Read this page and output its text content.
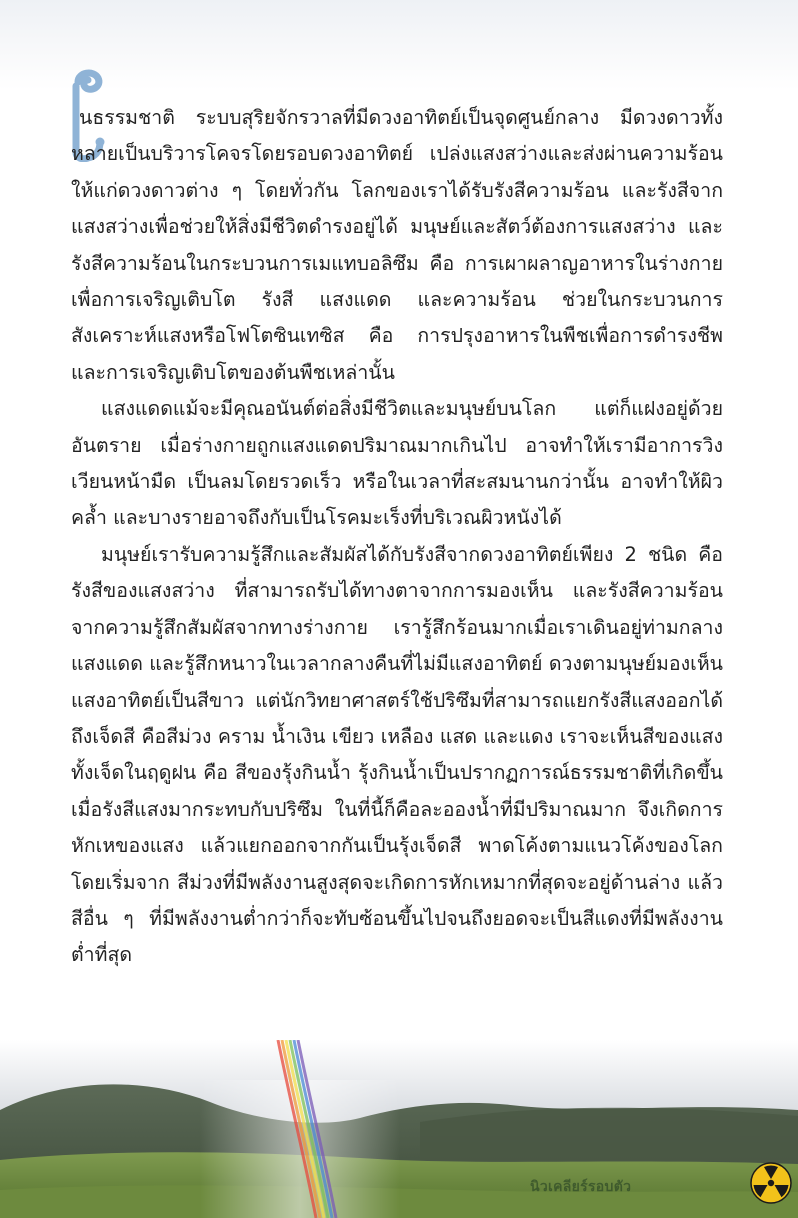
นธรรมชาติ ระบบสุริยจักรวาลที่มีดวงอาทิตย์เป็นจุดศูนย์กลาง มีดวงดาวทั้งหลายเป็นบริวารโคจรโดยรอบดวงอาทิตย์ เปล่งแสงสว่างและส่งผ่านความร้อนให้แก่ดวงดาวต่าง ๆ โดยทั่วกัน โลกของเราได้รับรังสีความร้อน และรังสีจากแสงสว่างเพื่อช่วยให้สิ่งมีชีวิตดำรงอยู่ได้ มนุษย์และสัตว์ต้องการแสงสว่าง และรังสีความร้อนในกระบวนการเมแทบอลิซึม คือ การเผาผลาญอาหารในร่างกายเพื่อการเจริญเติบโต รังสี แสงแดด และความร้อน ช่วยในกระบวนการสังเคราะห์แสงหรือโฟโตซินเทซิส คือ การปรุงอาหารในพืชเพื่อการดำรงชีพ และการเจริญเติบโตของต้นพืชเหล่านั้น

แสงแดดแม้จะมีคุณอนันต์ต่อสิ่งมีชีวิตและมนุษย์บนโลก แต่ก็แฝงอยู่ด้วยอันตราย เมื่อร่างกายถูกแสงแดดปริมาณมากเกินไป อาจทำให้เรามีอาการวิงเวียนหน้ามืด เป็นลมโดยรวดเร็ว หรือในเวลาที่สะสมนานกว่านั้น อาจทำให้ผิวคล้ำ และบางรายอาจถึงกับเป็นโรคมะเร็งที่บริเวณผิวหนังได้

มนุษย์เรารับความรู้สึกและสัมผัสได้กับรังสีจากดวงอาทิตย์เพียง 2 ชนิด คือรังสีของแสงสว่าง ที่สามารถรับได้ทางตาจากการมองเห็น และรังสีความร้อนจากความรู้สึกสัมผัสจากทางร่างกาย เรารู้สึกร้อนมากเมื่อเราเดินอยู่ท่ามกลางแสงแดด และรู้สึกหนาวในเวลากลางคืนที่ไม่มีแสงอาทิตย์ ดวงตามนุษย์มองเห็นแสงอาทิตย์เป็นสีขาว แต่นักวิทยาศาสตร์ใช้ปริซึมที่สามารถแยกรังสีแสงออกได้ถึงเจ็ดสี คือสีม่วง คราม น้ำเงิน เขียว เหลือง แสด และแดง เราจะเห็นสีของแสงทั้งเจ็ดในฤดูฝน คือ สีของรุ้งกินน้ำ รุ้งกินน้ำเป็นปรากฏการณ์ธรรมชาติที่เกิดขึ้นเมื่อรังสีแสงมากระทบกับปริซึม ในที่นี้ก็คือละอองน้ำที่มีปริมาณมาก จึงเกิดการหักเหของแสง แล้วแยกออกจากกันเป็นรุ้งเจ็ดสี พาดโค้งตามแนวโค้งของโลก โดยเริ่มจาก สีม่วงที่มีพลังงานสูงสุดจะเกิดการหักเหมากที่สุดจะอยู่ด้านล่าง แล้วสีอื่น ๆ ที่มีพลังงานต่ำกว่าก็จะทับซ้อนขึ้นไปจนถึงยอดจะเป็นสีแดงที่มีพลังงานต่ำที่สุด

นิวเคลียร์รอบตัว
